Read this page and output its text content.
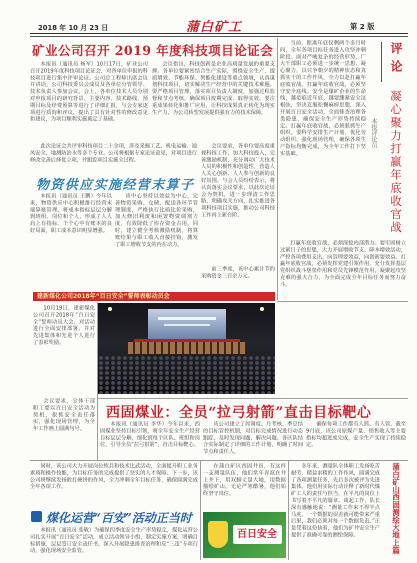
2018 年 10 月 23 日	蒲白矿工	第 2 版
矿业公司召开 2019 年度科技项目论证会

本报讯（通讯员 杨军）10月17日，矿业公司召开2019年度科技项目论证会，对各单位申报的科技项目进行集中评审论证。公司总工程师出席会议并讲话，公司科技委员会成员及各单位分管领导、技术负责人参加会议。会上，各单位技术人员分别对申报项目的研究背景、主要内容、技术路线、预期目标及经费预算等进行了详细汇报，与会专家逐项进行质询和评议，提出了具有针对性的修改意见和建议，为项目顺利实施奠定了基础。

会议指出，科技创新是企业高质量发展的重要支撑。各单位要紧密结合生产实际，围绕安全生产、提质增效、节能环保、智能化建设等重点领域，认真谋划科技项目，切实解决生产经营中的关键技术难题。要严格项目管理，落实项目负责人制度，加强过程监督和节点考核，确保项目按期完成、取得实效。要注重成果转化和推广应用，让科技成果真正转化为现实生产力，为公司转型发展提供强有力的技术保障。

此次论证会共评审科技项目二十余项，涉及采掘工艺、机电运输、通风安全、地测防治水等多个专业。公司将根据专家论证意见，对项目进行修改完善后择优立项，并跟踪项目实施全过程。

会议要求，各单位要高度重视科技工作，加大科技投入，完善激励机制，充分调动广大技术人员的积极性和创造性，营造人人关心创新、人人参与创新的良好氛围。与会人员纷纷表示，将认真落实会议要求，以此次论证会为契机，进一步理清工作思路，明确攻关方向，扎实推进各项科技项目实施，推动公司科技工作再上新台阶。

物资供应实施经营末算子

本报讯（通讯员 王鹏）今年以来，物资供应中心积极推行经营末端算账管理，将成本指标层层分解到班组、岗位和个人，形成了人人肩上有指标、个个心中有账本的良好局面，职工成本意识明显增强。

该中心坚持以效益为中心，完善物资采购、仓储、配送各环节管理制度，严格执行比质比价采购，加大修旧利废和闲置物资调剂力度，有效降低了库存资金占用。同时，建立健全考核激励机制，将算账结果与职工收入直接挂钩，激发了职工增收节支的内在动力。

前三季度，该中心累计节约采购资金三百余万元。

当前，距离年底仅剩两个多月时间，全年各项目标任务进入攻坚冲刺阶段。面对严峻复杂的经营形势，广大干部职工必须进一步统一思想、凝心聚力，以只争朝夕的精神状态和真抓实干的工作作风，全力以赴打赢年底收官战。打赢年底收官战，必须坚守安全底线。安全是煤矿企业的生命线，越是临近年底，越要绷紧安全这根弦，坚决克服松懈麻痹思想，深入开展百日安全活动，全面排查治理各类隐患，确保安全生产形势持续稳定。打赢年底收官战，必须狠抓生产组织。要科学安排生产计划，优化劳动组织，强化现场管理，确保各项生产指标均衡完成，为全年工作打下坚实基础。

评论
本报评论员 凝心聚力打赢年底收官战

打赢年底收官战，必须深挖内部潜力。要牢固树立过紧日子的思想，大力开展增收节支、降本增效活动，严控各项费用支出，向管理要效益，向创新要效益。打赢年底收官战，必须发挥党建引领作用，充分发挥基层党组织战斗堡垒作用和党员先锋模范作用，凝聚起攻坚克难的强大合力，为全面完成全年目标任务而努力奋斗。

建新煤化公司2018年“百日安全”誓师表彰动员会

10月19日，建新煤化公司召开2018年“百日安全”誓师动员大会，对活动进行全面安排部署，并对先进集体和先进个人进行了表彰奖励。

会议要求，全体干部职工要以百日安全活动为契机，狠抓安全责任落实，强化现场管理，为全年工作画上圆满句号。

西固煤业：全员“拉弓射箭”直击目标靶心

本报讯（通讯员 李华）今年以来，西固煤业坚持目标引领，将全年安全生产经营目标层层分解，细化到每个区队、班组和岗位，引导全员“拉弓射箭”，直击目标靶心。

该公司建立了周调度、月考核、季总结的目标管控机制，对目标完成情况进行动态跟踪，及时发现问题、解决问题。各区队结合实际制定了详细的工作计划，明确了时间节点和责任人，

确保每项工作都有人抓、有人管。截至9月底，该公司原煤产量、销售收入等主要指标均超进度完成，安全生产实现了持续稳定。

同时，该公司大力开展岗位练兵和技术比武活动，全面提升职工业务素质和操作技能，为目标任务的完成提供了坚实的人才保障。下一步，该公司将继续发扬敢打硬拼的作风，全力冲刺全年目标任务，确保圆满完成全年各项工作。

煤化运营“百安”活动正当时

本报讯（通讯员 张敏）为确保四季度安全生产形势稳定，煤化运营公司扎实开展“百日安全”活动，成立活动领导小组，制定实施方案，明确目标措施，层层签订安全责任书，深入开展隐患排查治理和反“三违”专项行动，强化现场安全监管。

在蒲白矿区西固井田，有这样一支测量队伍，他们常年奔波在井上井下，用双脚丈量大地，用数据描绘矿山。无论严寒酷暑，他们始终坚守岗位。

百日安全

多年来，测量队全体职工发扬吃苦耐劳、精益求精的工作作风，圆满完成了各项测量任务，先后多次被评为先进集体。他们用实际行动诠释了新时代煤矿工人的责任与担当，在平凡的岗位上书写着不平凡的篇章。谈起工作，队长深有感触地说：“测量工作来不得半点马虎，一个数据的误差就可能带来严重后果，我们必须对每一个数据负责。”正是凭着这份执着，他们为矿井安全生产提供了准确可靠的测绘保障。	蒲白矿山西固测绘大地上篇
